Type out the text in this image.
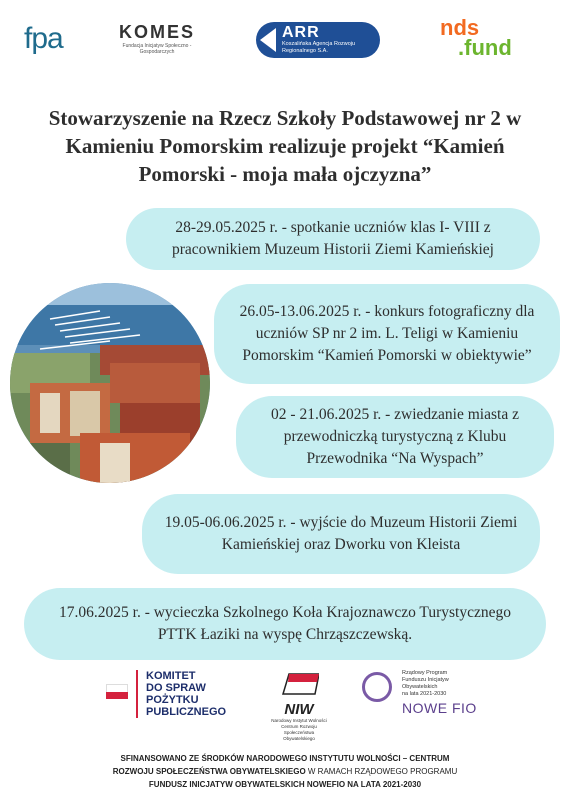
fpa	KOMES
Fundacja Inicjatyw Społeczno - Gospodarczych
ARR
Koszalińska Agencja Rozwoju Regionalnego S.A.
nds
.fund
Stowarzyszenie na Rzecz Szkoły Podstawowej nr 2 w Kamieniu Pomorskim realizuje projekt “Kamień Pomorski - moja mała ojczyzna”
28-29.05.2025 r. - spotkanie uczniów klas I- VIII z pracownikiem Muzeum Historii Ziemi Kamieńskiej
26.05-13.06.2025 r. - konkurs fotograficzny dla uczniów SP nr 2 im. L. Teligi w Kamieniu Pomorskim “Kamień Pomorski w obiektywie”
02 - 21.06.2025 r. - zwiedzanie miasta z przewodniczką turystyczną z Klubu Przewodnika “Na Wyspach”
19.05-06.06.2025 r. - wyjście do Muzeum Historii Ziemi Kamieńskiej oraz Dworku von Kleista
17.06.2025 r. - wycieczka Szkolnego Koła Krajoznawczo Turystycznego PTTK Łaziki na wyspę Chrząszczewską.
KOMITET
DO SPRAW
POŻYTKU
PUBLICZNEGO	NIW
Narodowy Instytut Wolności Centrum Rozwoju Społeczeństwa Obywatelskiego
Rządowy Program
Funduszu Inicjatyw
Obywatelskich
na lata 2021-2030
NOWE FIO
SFINANSOWANO ZE ŚRODKÓW NARODOWEGO INSTYTUTU WOLNOŚCI – CENTRUM
ROZWOJU SPOŁECZEŃSTWA OBYWATELSKIEGO W RAMACH RZĄDOWEGO PROGRAMU
FUNDUSZ INICJATYW OBYWATELSKICH NOWEFIO NA LATA 2021-2030
